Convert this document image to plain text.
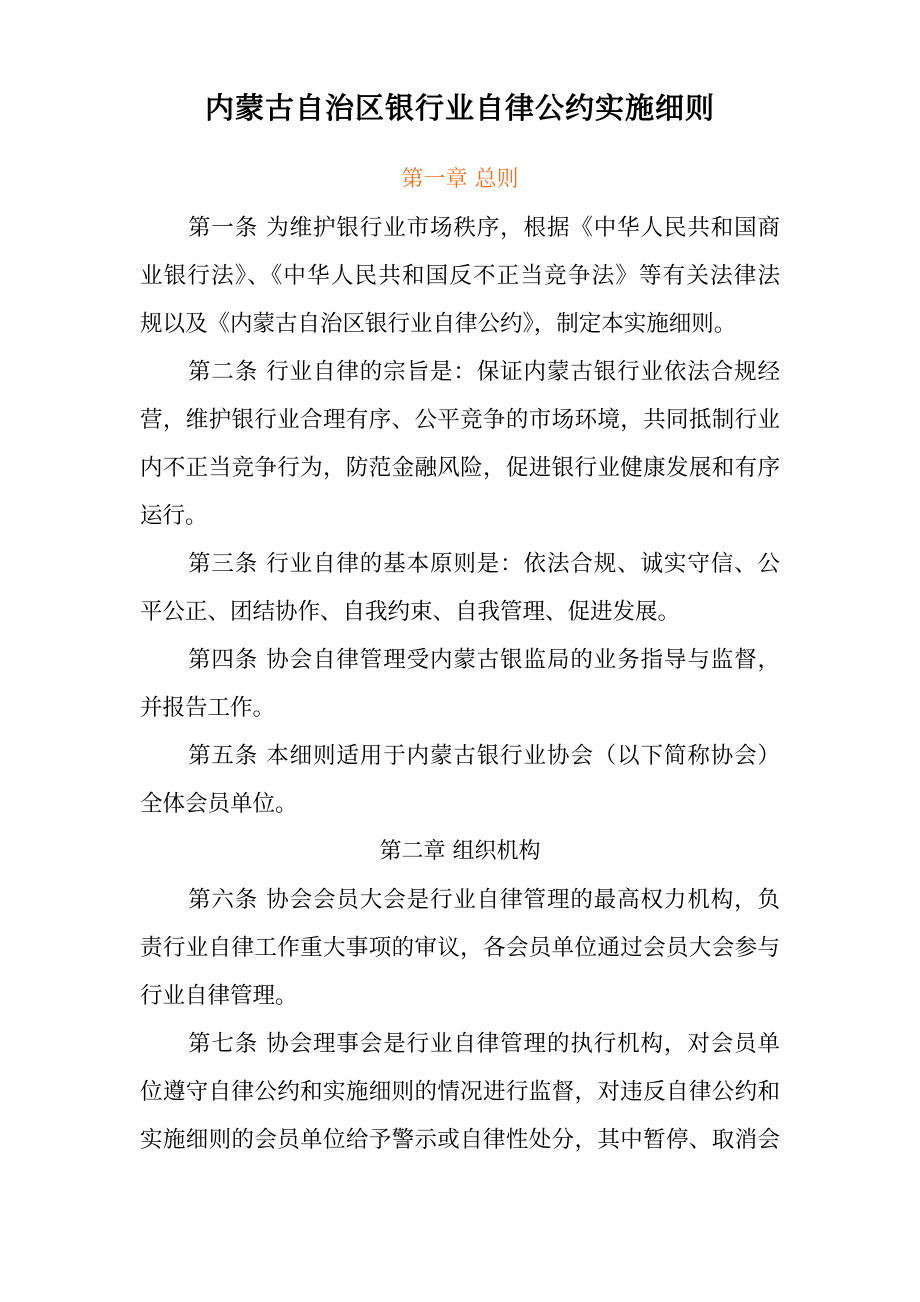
内蒙古自治区银行业自律公约实施细则
第一章 总则
第一条 为维护银行业市场秩序，根据《中华人民共和国商
业银行法》、《中华人民共和国反不正当竞争法》等有关法律法
规以及《内蒙古自治区银行业自律公约》，制定本实施细则。
第二条 行业自律的宗旨是：保证内蒙古银行业依法合规经
营，维护银行业合理有序、公平竞争的市场环境，共同抵制行业
内不正当竞争行为，防范金融风险，促进银行业健康发展和有序
运行。
第三条 行业自律的基本原则是：依法合规、诚实守信、公
平公正、团结协作、自我约束、自我管理、促进发展。
第四条 协会自律管理受内蒙古银监局的业务指导与监督，
并报告工作。
第五条 本细则适用于内蒙古银行业协会（以下简称协会）
全体会员单位。
第二章 组织机构
第六条 协会会员大会是行业自律管理的最高权力机构，负
责行业自律工作重大事项的审议，各会员单位通过会员大会参与
行业自律管理。
第七条 协会理事会是行业自律管理的执行机构，对会员单
位遵守自律公约和实施细则的情况进行监督，对违反自律公约和
实施细则的会员单位给予警示或自律性处分，其中暂停、取消会
